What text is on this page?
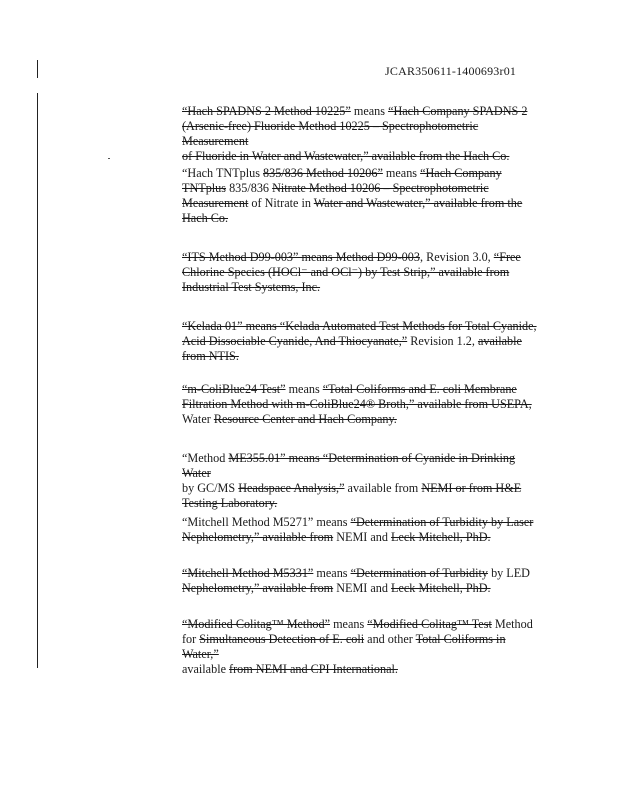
JCAR350611-1400693r01
“Hach SPADNS 2 Method 10225” means “Hach Company SPADNS 2
(Arsenic-free) Fluoride Method 10225 – Spectrophotometric Measurement
of Fluoride in Water and Wastewater,” available from the Hach Co.
“Hach TNTplus 835/836 Method 10206” means “Hach Company
TNTplus 835/836 Nitrate Method 10206 – Spectrophotometric
Measurement of Nitrate in Water and Wastewater,” available from the
Hach Co.
“ITS Method D99-003” means Method D99-003, Revision 3.0, “Free
Chlorine Species (HOCl⁻ and OCl⁻) by Test Strip,” available from
Industrial Test Systems, Inc.
“Kelada 01” means “Kelada Automated Test Methods for Total Cyanide,
Acid Dissociable Cyanide, And Thiocyanate,” Revision 1.2, available
from NTIS.
“m-ColiBlue24 Test” means “Total Coliforms and E. coli Membrane
Filtration Method with m-ColiBlue24® Broth,” available from USEPA,
Water Resource Center and Hach Company.
“Method ME355.01” means “Determination of Cyanide in Drinking Water
by GC/MS Headspace Analysis,” available from NEMI or from H&E
Testing Laboratory.
“Mitchell Method M5271” means “Determination of Turbidity by Laser
Nephelometry,” available from NEMI and Leck Mitchell, PhD.
“Mitchell Method M5331” means “Determination of Turbidity by LED
Nephelometry,” available from NEMI and Leck Mitchell, PhD.
“Modified Colitag™ Method” means “Modified Colitag™ Test Method
for Simultaneous Detection of E. coli and other Total Coliforms in Water,”
available from NEMI and CPI International.
